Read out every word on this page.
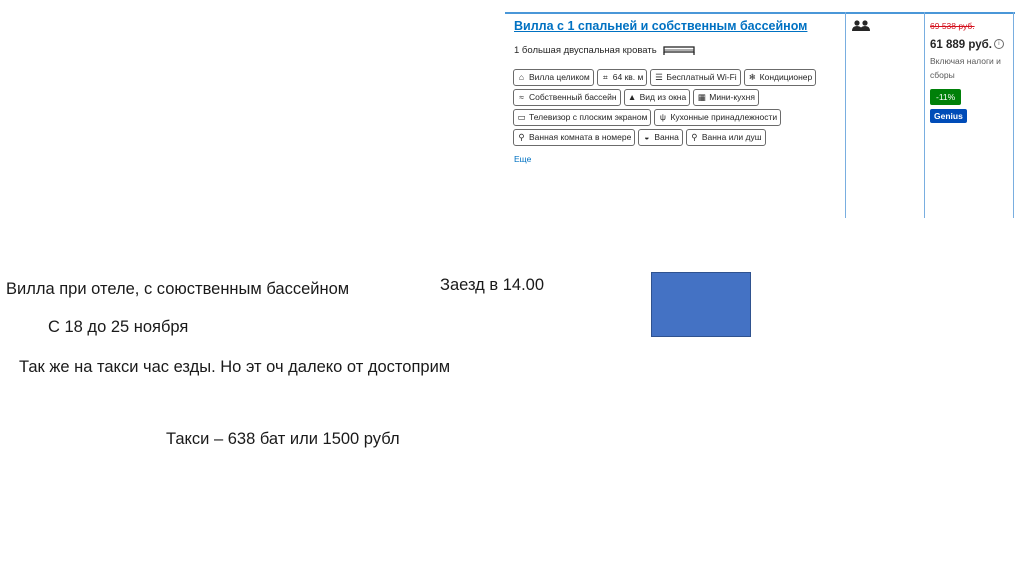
Вилла с 1 спальней и собственным бассейном
1 большая двуспальная кровать
⌂ Вилла целиком ⌗ 64 кв. м ☰ Бесплатный Wi-Fi ❄ Кондиционер
≈ Собственный бассейн ▲ Вид из окна ▦ Мини-кухня
▭ Телевизор с плоским экраном ψ Кухонные принадлежности
⚲ Ванная комната в номере ◒ Ванна ⚲ Ванна или душ
Еще
69 538 руб.
61 889 руб. i
Включая налоги и сборы
-11%
Genius
Вилла при отеле, с союственным бассейном
С 18 до 25 ноября
Так же на такси час езды. Но эт оч далеко от достоприм
Такси – 638 бат или 1500 рубл
Заезд в 14.00
